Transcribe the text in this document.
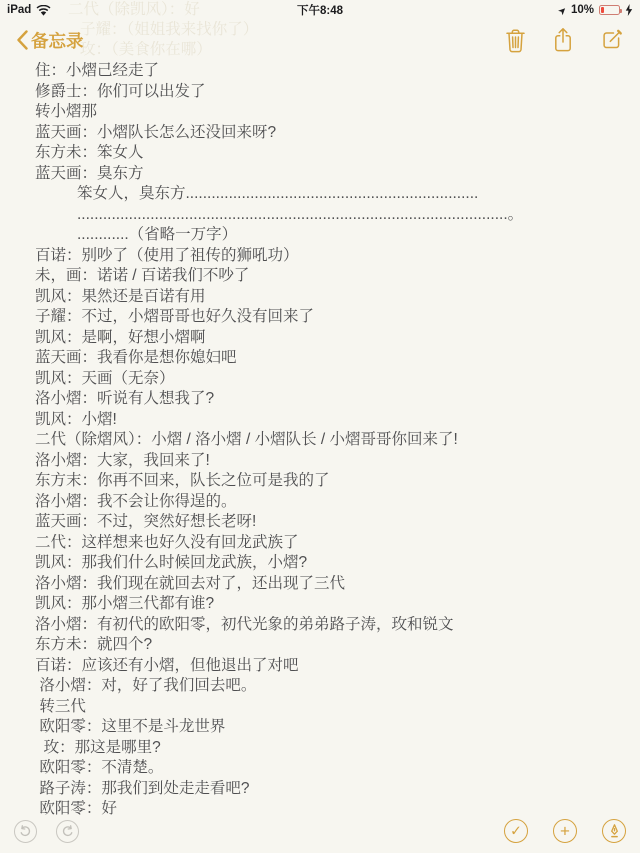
iPad	下午8:48	➤ 10%
二代（除凯风）：好
子耀：（姐姐我来找你了）
玫：（美食你在哪）
备忘录
住：小熠己经走了
修爵士：你们可以出发了
转小熠那
蓝天画：小熠队长怎么还没回来呀?
东方未：笨女人
蓝天画：臭东方
笨女人，臭东方....................................................................
....................................................................................................。
............（省略一万字）
百诺：别吵了（使用了祖传的狮吼功）
未，画：诺诺 / 百诺我们不吵了
凯风：果然还是百诺有用
子耀：不过，小熠哥哥也好久没有回来了
凯风：是啊，好想小熠啊
蓝天画：我看你是想你媳妇吧
凯风：天画（无奈）
洛小熠：听说有人想我了?
凯风：小熠!
二代（除熠风）：小熠 / 洛小熠 / 小熠队长 / 小熠哥哥你回来了!
洛小熠：大家，我回来了!
东方末：你再不回来，队长之位可是我的了
洛小熠：我不会让你得逞的。
蓝天画：不过，突然好想长老呀!
二代：这样想来也好久没有回龙武族了
凯风：那我们什么时候回龙武族，小熠?
洛小熠：我们现在就回去对了，还出现了三代
凯风：那小熠三代都有谁?
洛小熠：有初代的欧阳零，初代光象的弟弟路子涛，玫和锐文
东方未：就四个?
百诺：应该还有小熠，但他退出了对吧
洛小熠：对，好了我们回去吧。
转三代
欧阳零：这里不是斗龙世界
玫：那这是哪里?
欧阳零：不清楚。
路子涛：那我们到处走走看吧?
欧阳零：好
✓ +
